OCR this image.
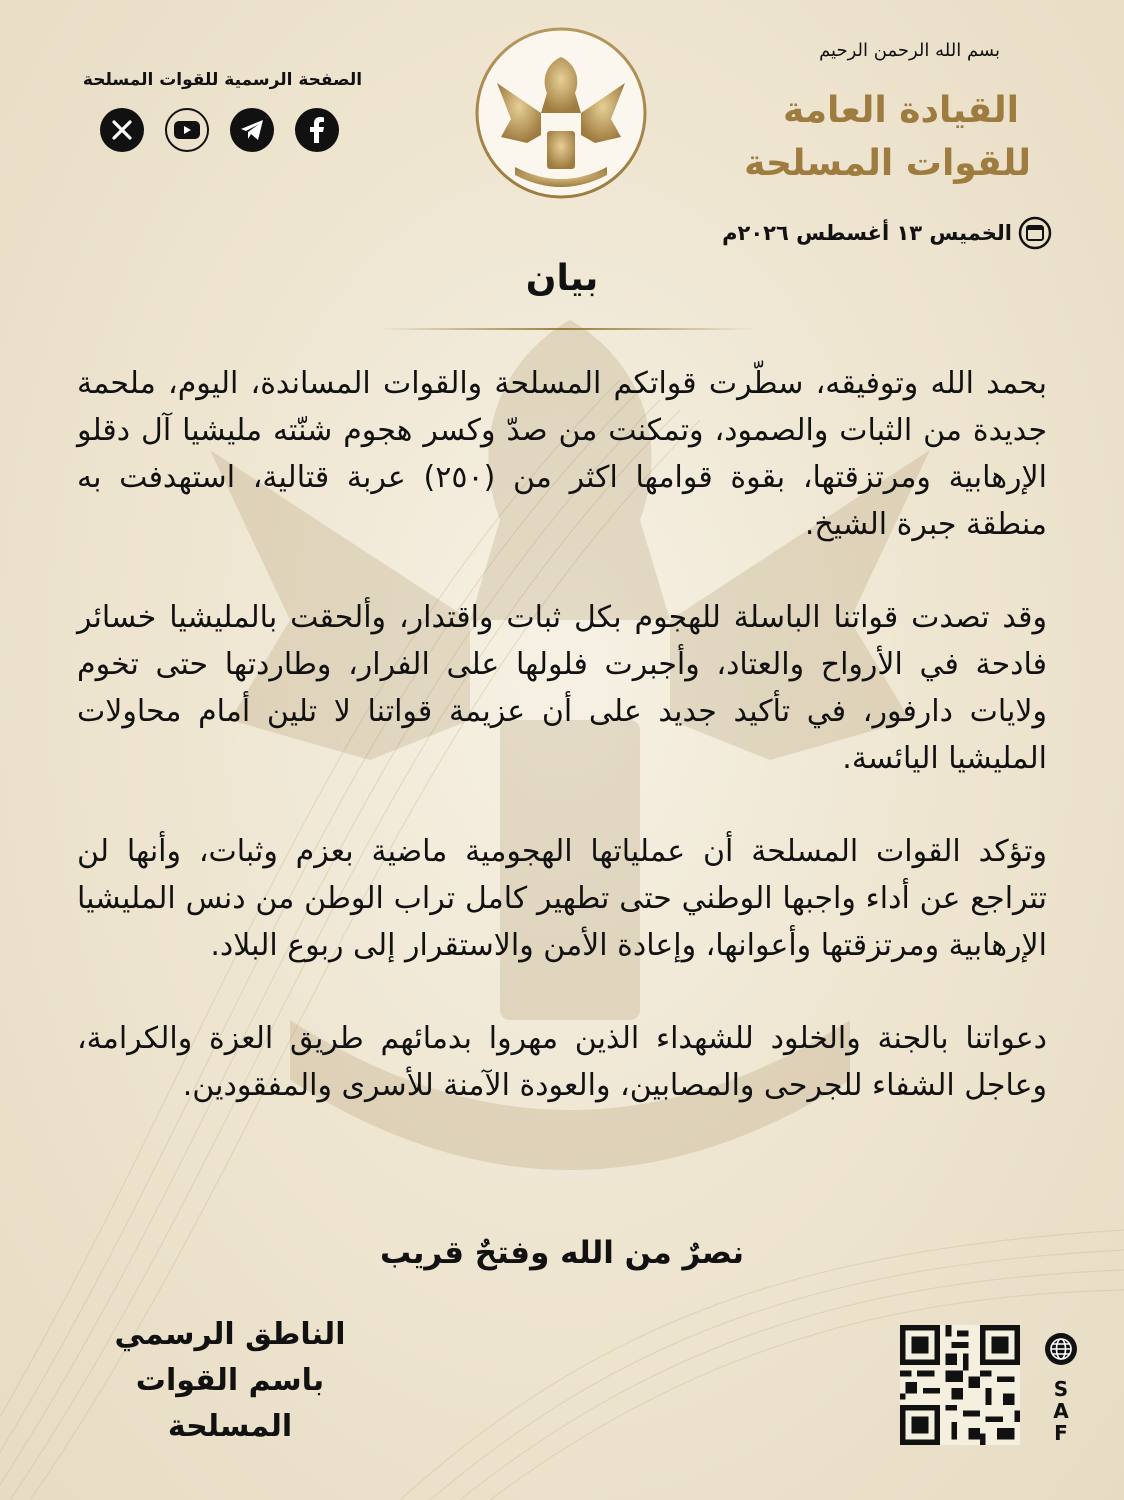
بسم الله الرحمن الرحيم
القيادة العامة
للقوات المسلحة
الصفحة الرسمية للقوات المسلحة
الخميس ١٣ أغسطس ٢٠٢٦م
بيان

بحمد الله وتوفيقه، سطّرت قواتكم المسلحة والقوات المساندة، اليوم، ملحمة جديدة من الثبات والصمود، وتمكنت من صدّ وكسر هجوم شنّته مليشيا آل دقلو الإرهابية ومرتزقتها، بقوة قوامها اكثر من (٢٥٠) عربة قتالية، استهدفت به منطقة جبرة الشيخ.

وقد تصدت قواتنا الباسلة للهجوم بكل ثبات واقتدار، وألحقت بالمليشيا خسائر فادحة في الأرواح والعتاد، وأجبرت فلولها على الفرار، وطاردتها حتى تخوم ولايات دارفور، في تأكيد جديد على أن عزيمة قواتنا لا تلين أمام محاولات المليشيا اليائسة.

وتؤكد القوات المسلحة أن عملياتها الهجومية ماضية بعزم وثبات، وأنها لن تتراجع عن أداء واجبها الوطني حتى تطهير كامل تراب الوطن من دنس المليشيا الإرهابية ومرتزقتها وأعوانها، وإعادة الأمن والاستقرار إلى ربوع البلاد.

دعواتنا بالجنة والخلود للشهداء الذين مهروا بدمائهم طريق العزة والكرامة، وعاجل الشفاء للجرحى والمصابين، والعودة الآمنة للأسرى والمفقودين.

نصرٌ من الله وفتحٌ قريب
الناطق الرسمي
باسم القوات المسلحة
S
A
F
